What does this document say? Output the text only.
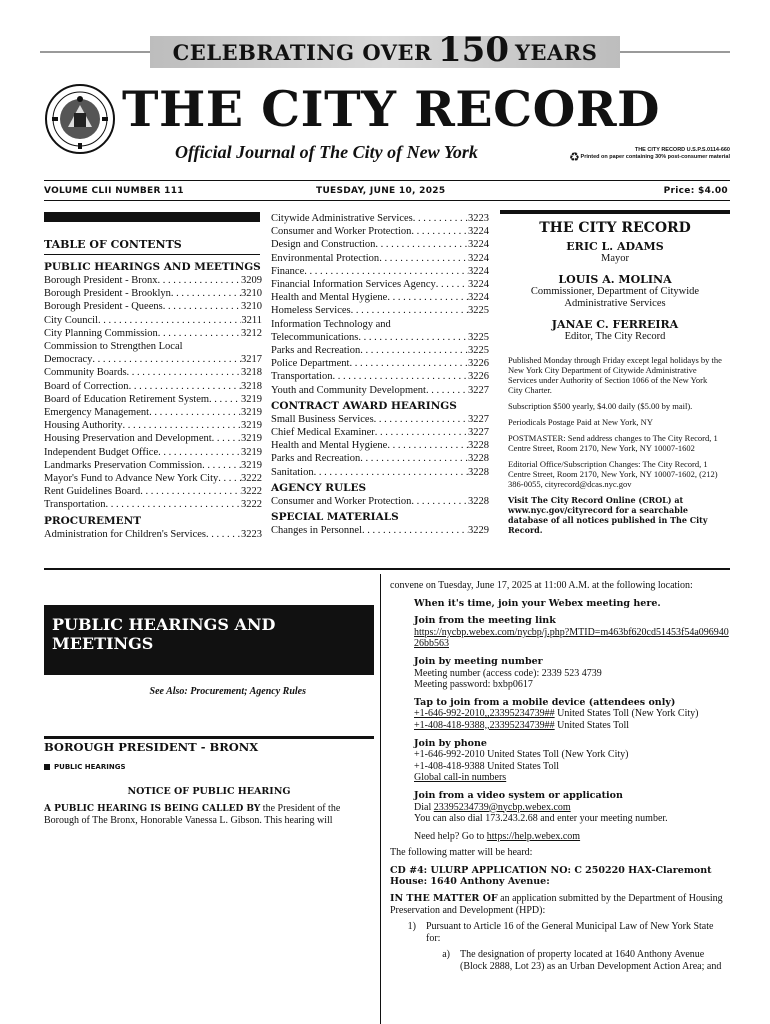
CELEBRATING OVER 150 YEARS
THE CITY RECORD
Official Journal of The City of New York	♻	THE CITY RECORD U.S.P.S.0114-660
Printed on paper containing 30% post-consumer material
VOLUME CLII NUMBER 111	TUESDAY, JUNE 10, 2025	Price: $4.00
TABLE OF CONTENTS
PUBLIC HEARINGS AND MEETINGS
Borough President - Bronx . . .	3209
Borough President - Brooklyn . . .	3210
Borough President - Queens . . .	3210
City Council . . .	3211
City Planning Commission . . .	3212
Commission to Strengthen Local
Democracy . . .	3217
Community Boards . . .	3218
Board of Correction . . .	3218
Board of Education Retirement System . . .	3219
Emergency Management . . .	3219
Housing Authority . . .	3219
Housing Preservation and Development . . .	3219
Independent Budget Office . . .	3219
Landmarks Preservation Commission . . .	3219
Mayor's Fund to Advance New York City . . . 3222
Rent Guidelines Board . . .	3222
Transportation . . .	3222
PROCUREMENT
Administration for Children's Services . . .	3223
Citywide Administrative Services . . .	3223
Consumer and Worker Protection . . .	3224
Design and Construction . . .	3224
Environmental Protection . . .	3224
Finance . . .	3224
Financial Information Services Agency . . .	3224
Health and Mental Hygiene . . .	3224
Homeless Services . . .	3225
Information Technology and
Telecommunications . . .	3225
Parks and Recreation . . .	3225
Police Department . . .	3226
Transportation . . .	3226
Youth and Community Development . . .	3227
CONTRACT AWARD HEARINGS
Small Business Services . . .	3227
Chief Medical Examiner . . .	3227
Health and Mental Hygiene . . .	3228
Parks and Recreation . . .	3228
Sanitation . . .	3228
AGENCY RULES
Consumer and Worker Protection . . .	3228
SPECIAL MATERIALS
Changes in Personnel . . .	3229
THE CITY RECORD
ERIC L. ADAMS
Mayor
LOUIS A. MOLINA
Commissioner, Department of Citywide Administrative Services
JANAE C. FERREIRA
Editor, The City Record
Published Monday through Friday except legal holidays by the New York City Department of Citywide Administrative Services under Authority of Section 1066 of the New York City Charter.
Subscription $500 yearly, $4.00 daily ($5.00 by mail).
Periodicals Postage Paid at New York, NY
POSTMASTER: Send address changes to The City Record, 1 Centre Street, Room 2170, New York, NY 10007-1602
Editorial Office/Subscription Changes: The City Record, 1 Centre Street, Room 2170, New York, NY 10007-1602, (212) 386-0055, cityrecord@dcas.nyc.gov
Visit The City Record Online (CROL) at www.nyc.gov/cityrecord for a searchable database of all notices published in The City Record.
PUBLIC HEARINGS AND MEETINGS
See Also: Procurement; Agency Rules
BOROUGH PRESIDENT - BRONX
PUBLIC HEARINGS
NOTICE OF PUBLIC HEARING
A PUBLIC HEARING IS BEING CALLED BY the President of the Borough of The Bronx, Honorable Vanessa L. Gibson. This hearing will
convene on Tuesday, June 17, 2025 at 11:00 A.M. at the following location:
When it's time, join your Webex meeting here.
Join from the meeting link
https://nycbp.webex.com/nycbp/j.php?MTID=m463bf620cd51453f54a09694026bb563
Join by meeting number
Meeting number (access code): 2339 523 4739
Meeting password: bxbp0617
Tap to join from a mobile device (attendees only)
+1-646-992-2010,,23395234739## United States Toll (New York City)
+1-408-418-9388,,23395234739## United States Toll
Join by phone
+1-646-992-2010 United States Toll (New York City)
+1-408-418-9388 United States Toll
Global call-in numbers
Join from a video system or application
Dial 23395234739@nycbp.webex.com
You can also dial 173.243.2.68 and enter your meeting number.
Need help? Go to https://help.webex.com

The following matter will be heard:

CD #4: ULURP APPLICATION NO: C 250220 HAX-Claremont House: 1640 Anthony Avenue:

IN THE MATTER OF an application submitted by the Department of Housing Preservation and Development (HPD):

1)	Pursuant to Article 16 of the General Municipal Law of New York State for:
a)	The designation of property located at 1640 Anthony Avenue (Block 2888, Lot 23) as an Urban Development Action Area; and
